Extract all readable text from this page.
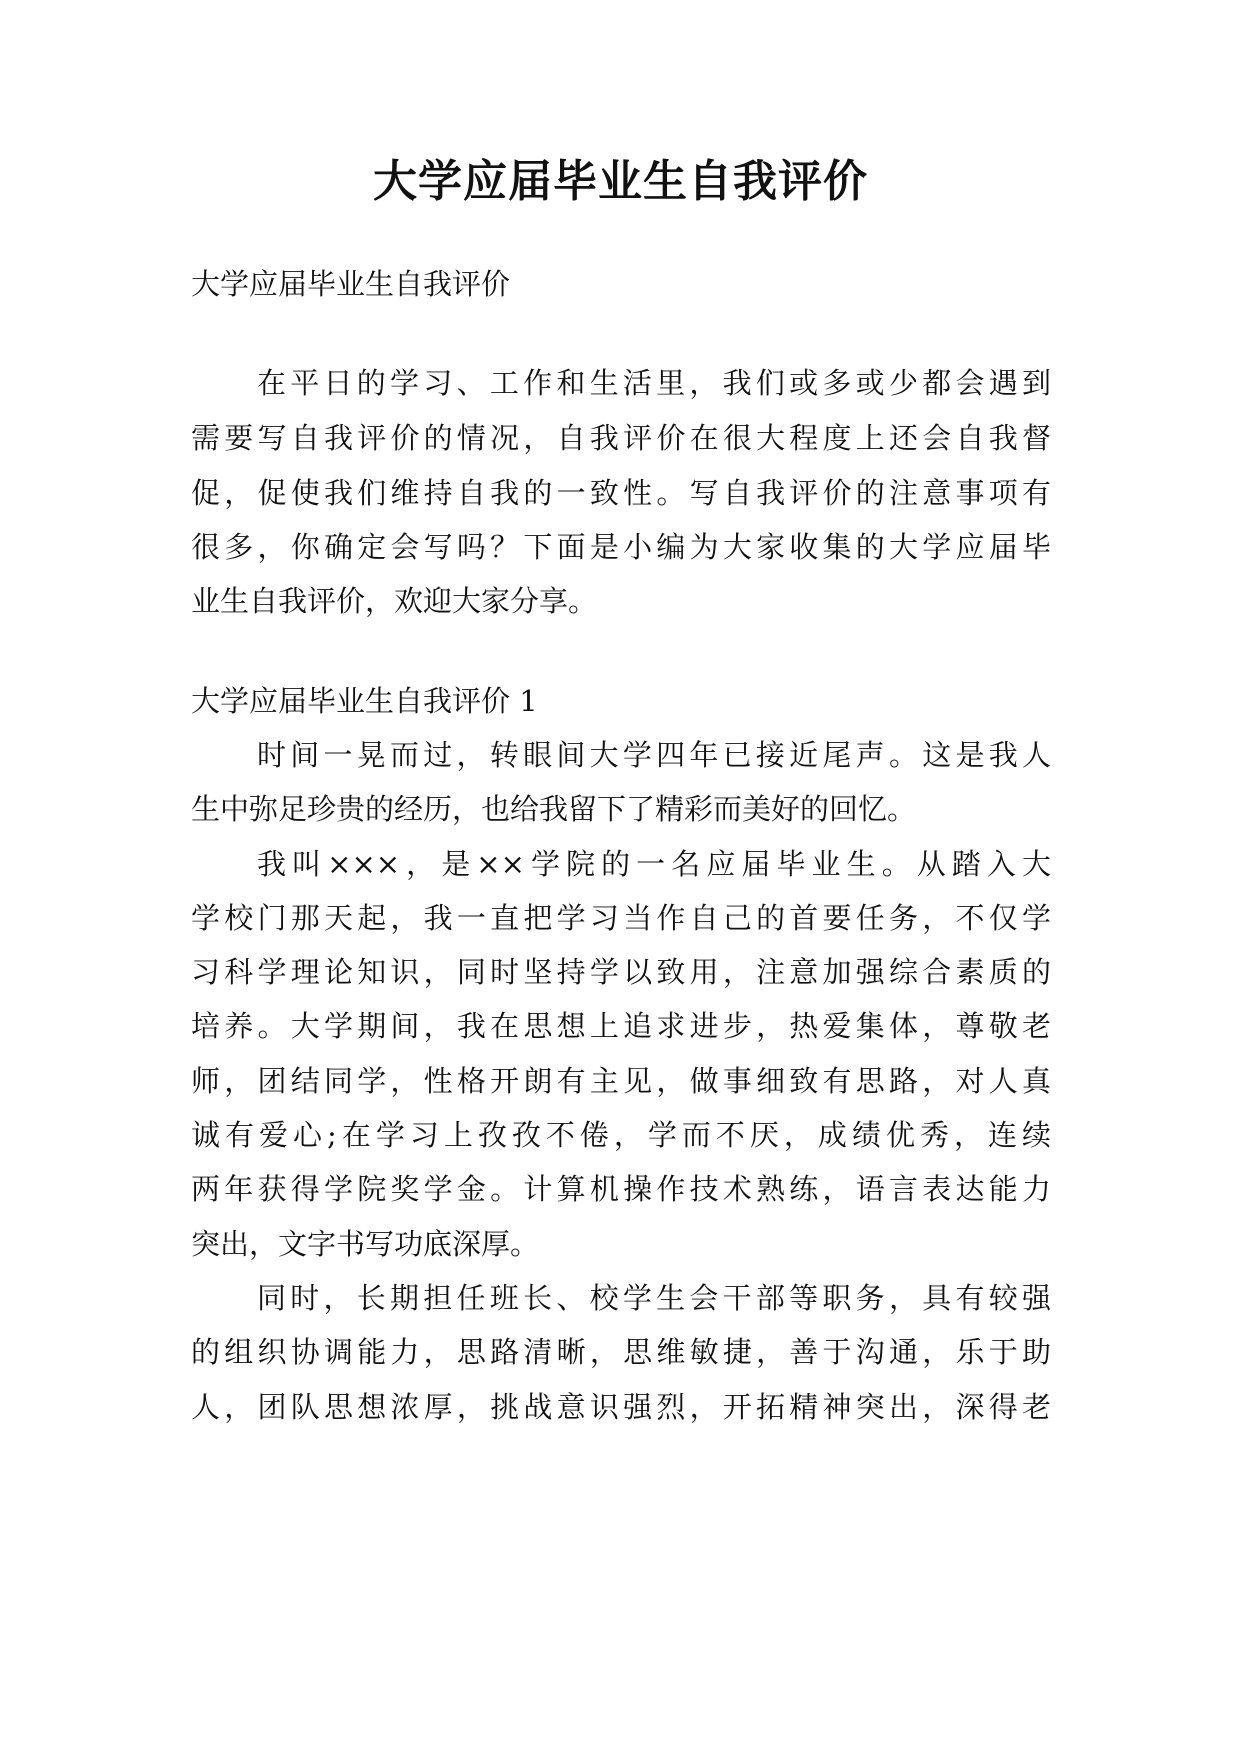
大学应届毕业生自我评价

大学应届毕业生自我评价

在平日的学习、工作和生活里，我们或多或少都会遇到

需要写自我评价的情况，自我评价在很大程度上还会自我督

促，促使我们维持自我的一致性。写自我评价的注意事项有

很多，你确定会写吗？下面是小编为大家收集的大学应届毕

业生自我评价，欢迎大家分享。

大学应届毕业生自我评价 1

时间一晃而过，转眼间大学四年已接近尾声。这是我人

生中弥足珍贵的经历，也给我留下了精彩而美好的回忆。

我叫×××，是××学院的一名应届毕业生。从踏入大

学校门那天起，我一直把学习当作自己的首要任务，不仅学

习科学理论知识，同时坚持学以致用，注意加强综合素质的

培养。大学期间，我在思想上追求进步，热爱集体，尊敬老

师，团结同学，性格开朗有主见，做事细致有思路，对人真

诚有爱心;在学习上孜孜不倦，学而不厌，成绩优秀，连续

两年获得学院奖学金。计算机操作技术熟练，语言表达能力

突出，文字书写功底深厚。

同时，长期担任班长、校学生会干部等职务，具有较强

的组织协调能力，思路清晰，思维敏捷，善于沟通，乐于助

人，团队思想浓厚，挑战意识强烈，开拓精神突出，深得老
